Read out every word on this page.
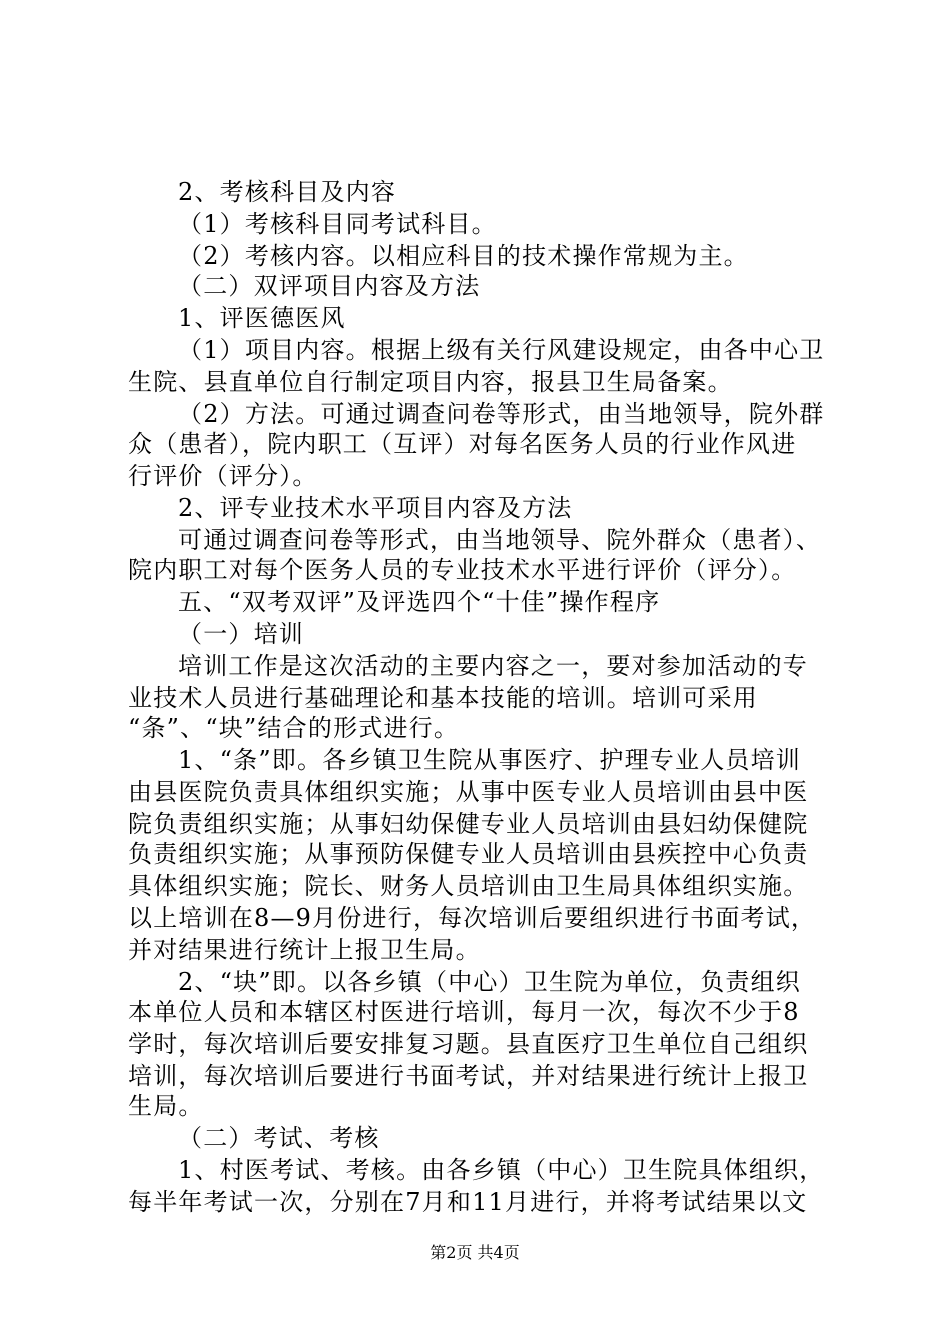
2、考核科目及内容
（1）考核科目同考试科目。
（2）考核内容。以相应科目的技术操作常规为主。
（二）双评项目内容及方法
1、评医德医风
（1）项目内容。根据上级有关行风建设规定，由各中心卫
生院、县直单位自行制定项目内容，报县卫生局备案。
（2）方法。可通过调查问卷等形式，由当地领导，院外群
众（患者），院内职工（互评）对每名医务人员的行业作风进
行评价（评分）。
2、评专业技术水平项目内容及方法
可通过调查问卷等形式，由当地领导、院外群众（患者）、
院内职工对每个医务人员的专业技术水平进行评价（评分）。
五、“双考双评”及评选四个“十佳”操作程序
（一）培训
培训工作是这次活动的主要内容之一，要对参加活动的专
业技术人员进行基础理论和基本技能的培训。培训可采用
“条”、“块”结合的形式进行。
1、“条”即。各乡镇卫生院从事医疗、护理专业人员培训
由县医院负责具体组织实施；从事中医专业人员培训由县中医
院负责组织实施；从事妇幼保健专业人员培训由县妇幼保健院
负责组织实施；从事预防保健专业人员培训由县疾控中心负责
具体组织实施；院长、财务人员培训由卫生局具体组织实施。
以上培训在8—9月份进行，每次培训后要组织进行书面考试，
并对结果进行统计上报卫生局。
2、“块”即。以各乡镇（中心）卫生院为单位，负责组织
本单位人员和本辖区村医进行培训，每月一次，每次不少于8
学时，每次培训后要安排复习题。县直医疗卫生单位自己组织
培训，每次培训后要进行书面考试，并对结果进行统计上报卫
生局。
（二）考试、考核
1、村医考试、考核。由各乡镇（中心）卫生院具体组织，
每半年考试一次，分别在7月和11月进行，并将考试结果以文
第2页 共4页
